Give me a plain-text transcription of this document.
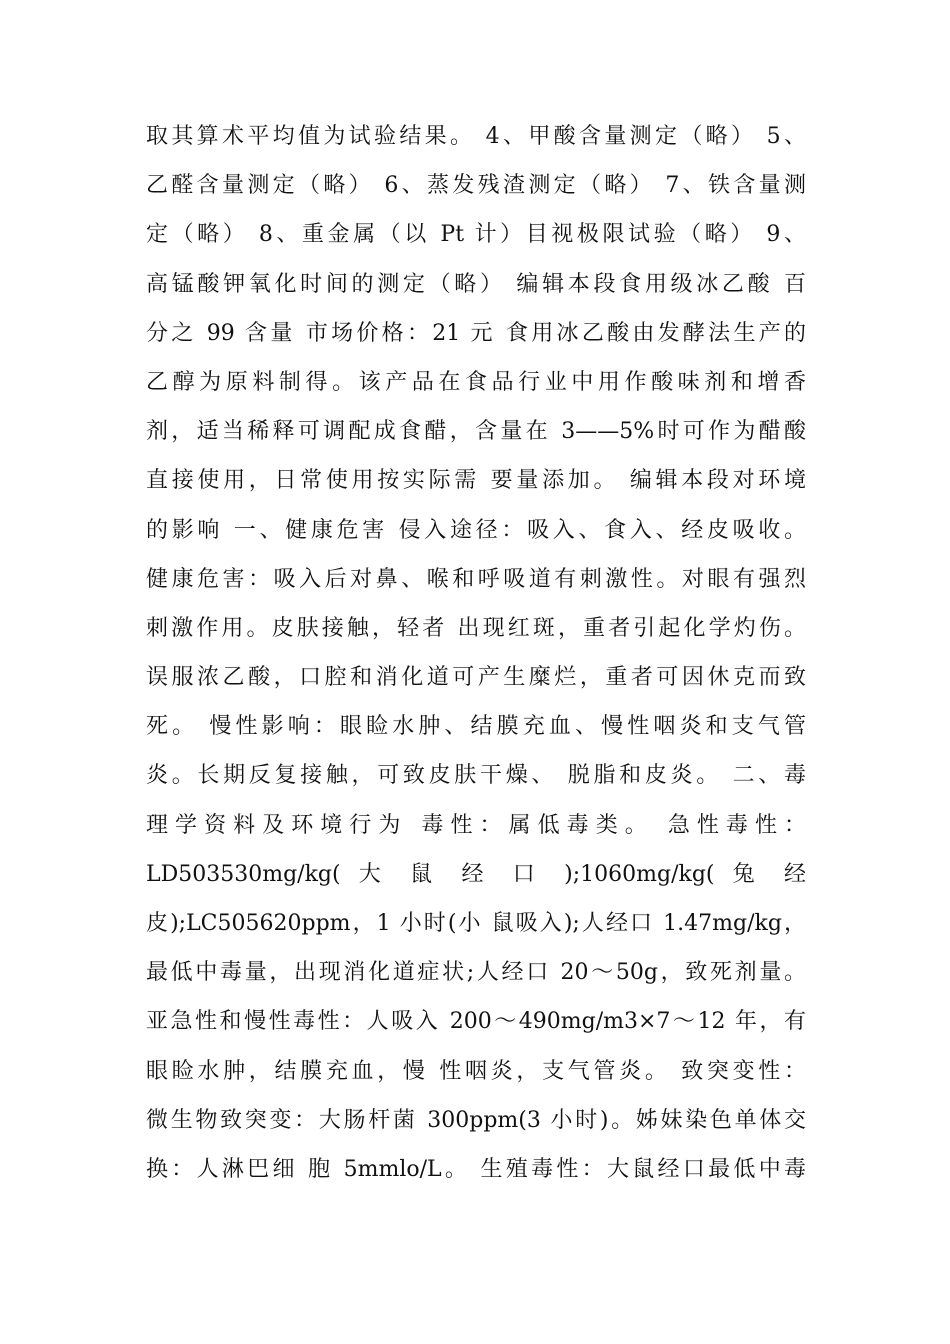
取其算术平均值为试验结果。 4、甲酸含量测定（略） 5、
乙醛含量测定（略） 6、蒸发残渣测定（略） 7、铁含量测
定（略） 8、重金属（以 Pt 计）目视极限试验（略） 9、
高锰酸钾氧化时间的测定（略） 编辑本段食用级冰乙酸 百
分之 99 含量 市场价格：21 元 食用冰乙酸由发酵法生产的
乙醇为原料制得。该产品在食品行业中用作酸味剂和增香
剂，适当稀释可调配成食醋，含量在 3——5%时可作为醋酸
直接使用，日常使用按实际需 要量添加。 编辑本段对环境
的影响 一、健康危害 侵入途径：吸入、食入、经皮吸收。
健康危害：吸入后对鼻、喉和呼吸道有刺激性。对眼有强烈
刺激作用。皮肤接触，轻者 出现红斑，重者引起化学灼伤。
误服浓乙酸，口腔和消化道可产生糜烂，重者可因休克而致
死。 慢性影响：眼睑水肿、结膜充血、慢性咽炎和支气管
炎。长期反复接触，可致皮肤干燥、 脱脂和皮炎。 二、毒
理学资料及环境行为 毒性：属低毒类。 急性毒性：
LD503530mg/kg( 大 鼠 经 口 );1060mg/kg( 兔 经
皮);LC505620ppm，1 小时(小 鼠吸入);人经口 1.47mg/kg，
最低中毒量，出现消化道症状;人经口 20～50g，致死剂量。
亚急性和慢性毒性：人吸入 200～490mg/m3×7～12 年，有
眼睑水肿，结膜充血，慢 性咽炎，支气管炎。 致突变性：
微生物致突变：大肠杆菌 300ppm(3 小时)。姊妹染色单体交
换：人淋巴细 胞 5mmlo/L。 生殖毒性：大鼠经口最低中毒
